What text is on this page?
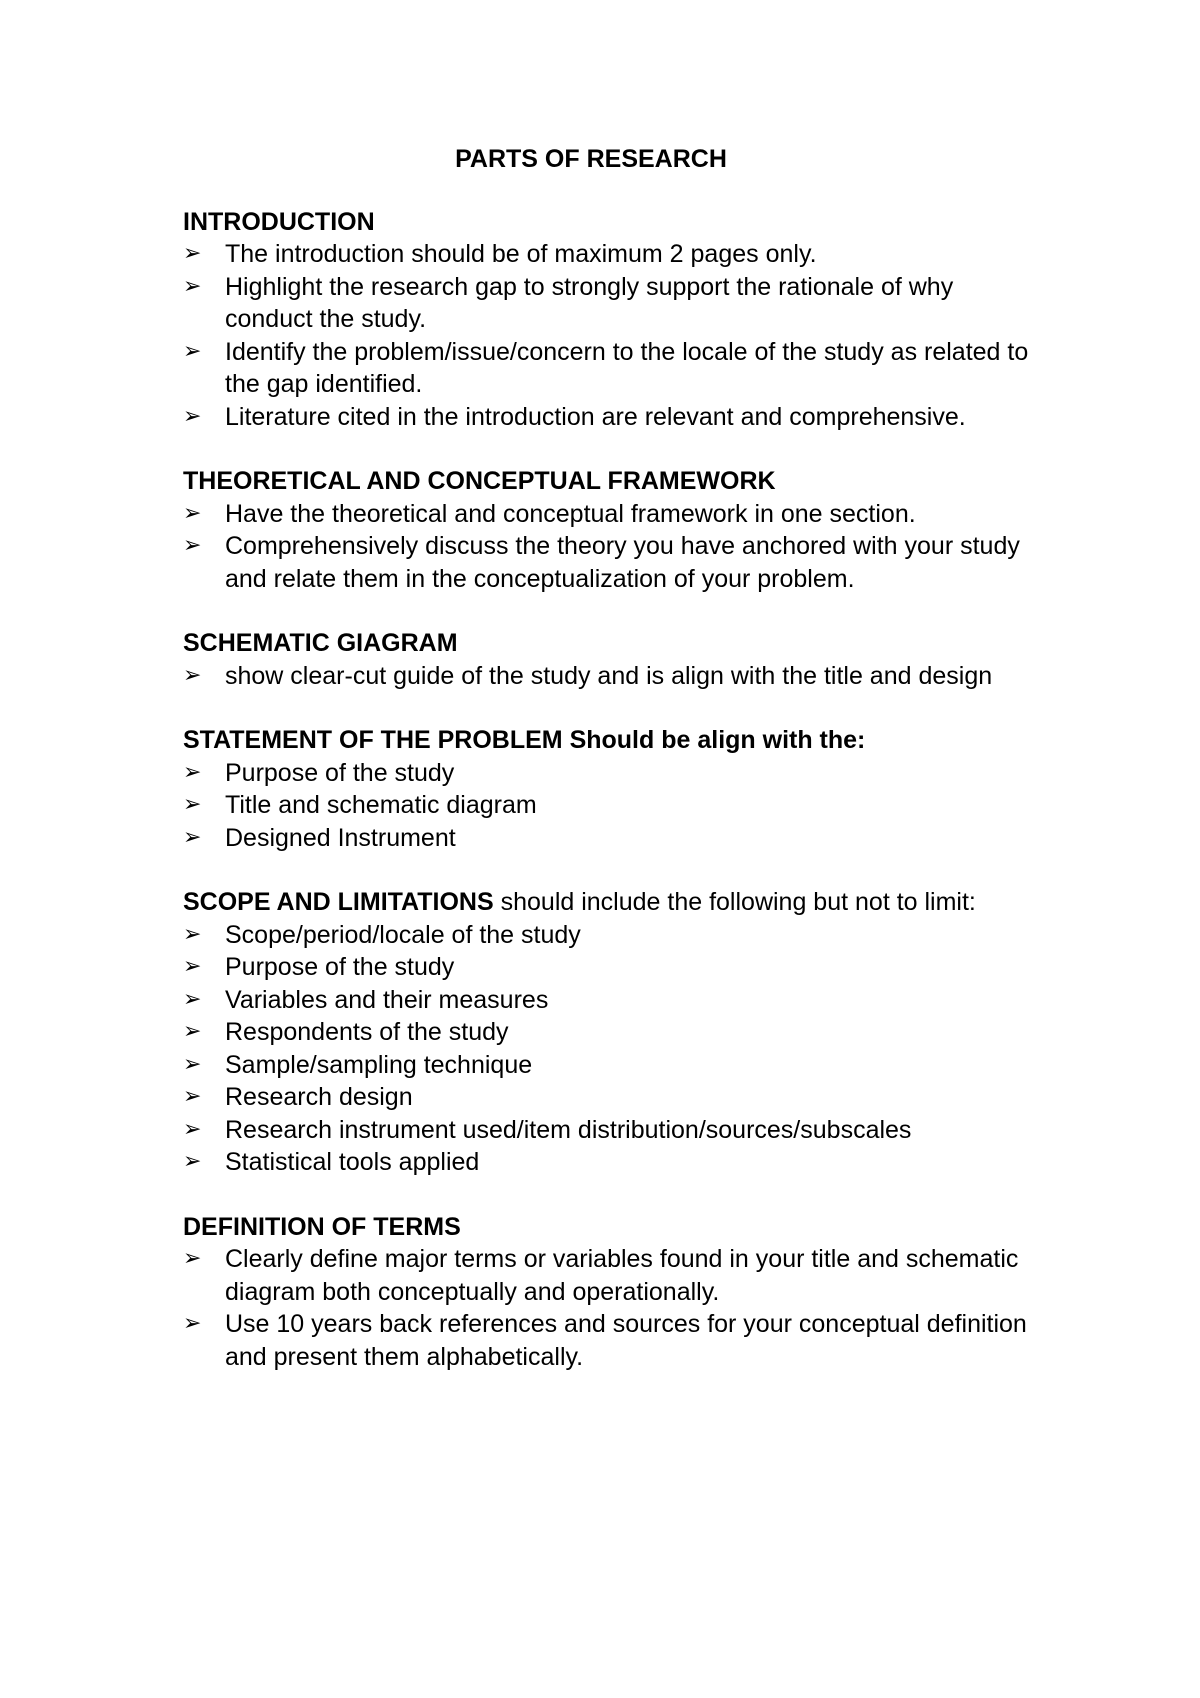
PARTS OF RESEARCH
INTRODUCTION
➢ The introduction should be of maximum 2 pages only.
➢ Highlight the research gap to strongly support the rationale of why conduct the study.
➢ Identify the problem/issue/concern to the locale of the study as related to the gap identified.
➢ Literature cited in the introduction are relevant and comprehensive.
THEORETICAL AND CONCEPTUAL FRAMEWORK
➢ Have the theoretical and conceptual framework in one section.
➢ Comprehensively discuss the theory you have anchored with your study and relate them in the conceptualization of your problem.
SCHEMATIC GIAGRAM
➢ show clear-cut guide of the study and is align with the title and design
STATEMENT OF THE PROBLEM Should be align with the:
➢ Purpose of the study
➢ Title and schematic diagram
➢ Designed Instrument
SCOPE AND LIMITATIONS should include the following but not to limit:
➢ Scope/period/locale of the study
➢ Purpose of the study
➢ Variables and their measures
➢ Respondents of the study
➢ Sample/sampling technique
➢ Research design
➢ Research instrument used/item distribution/sources/subscales
➢ Statistical tools applied
DEFINITION OF TERMS
➢ Clearly define major terms or variables found in your title and schematic diagram both conceptually and operationally.
➢ Use 10 years back references and sources for your conceptual definition and present them alphabetically.
